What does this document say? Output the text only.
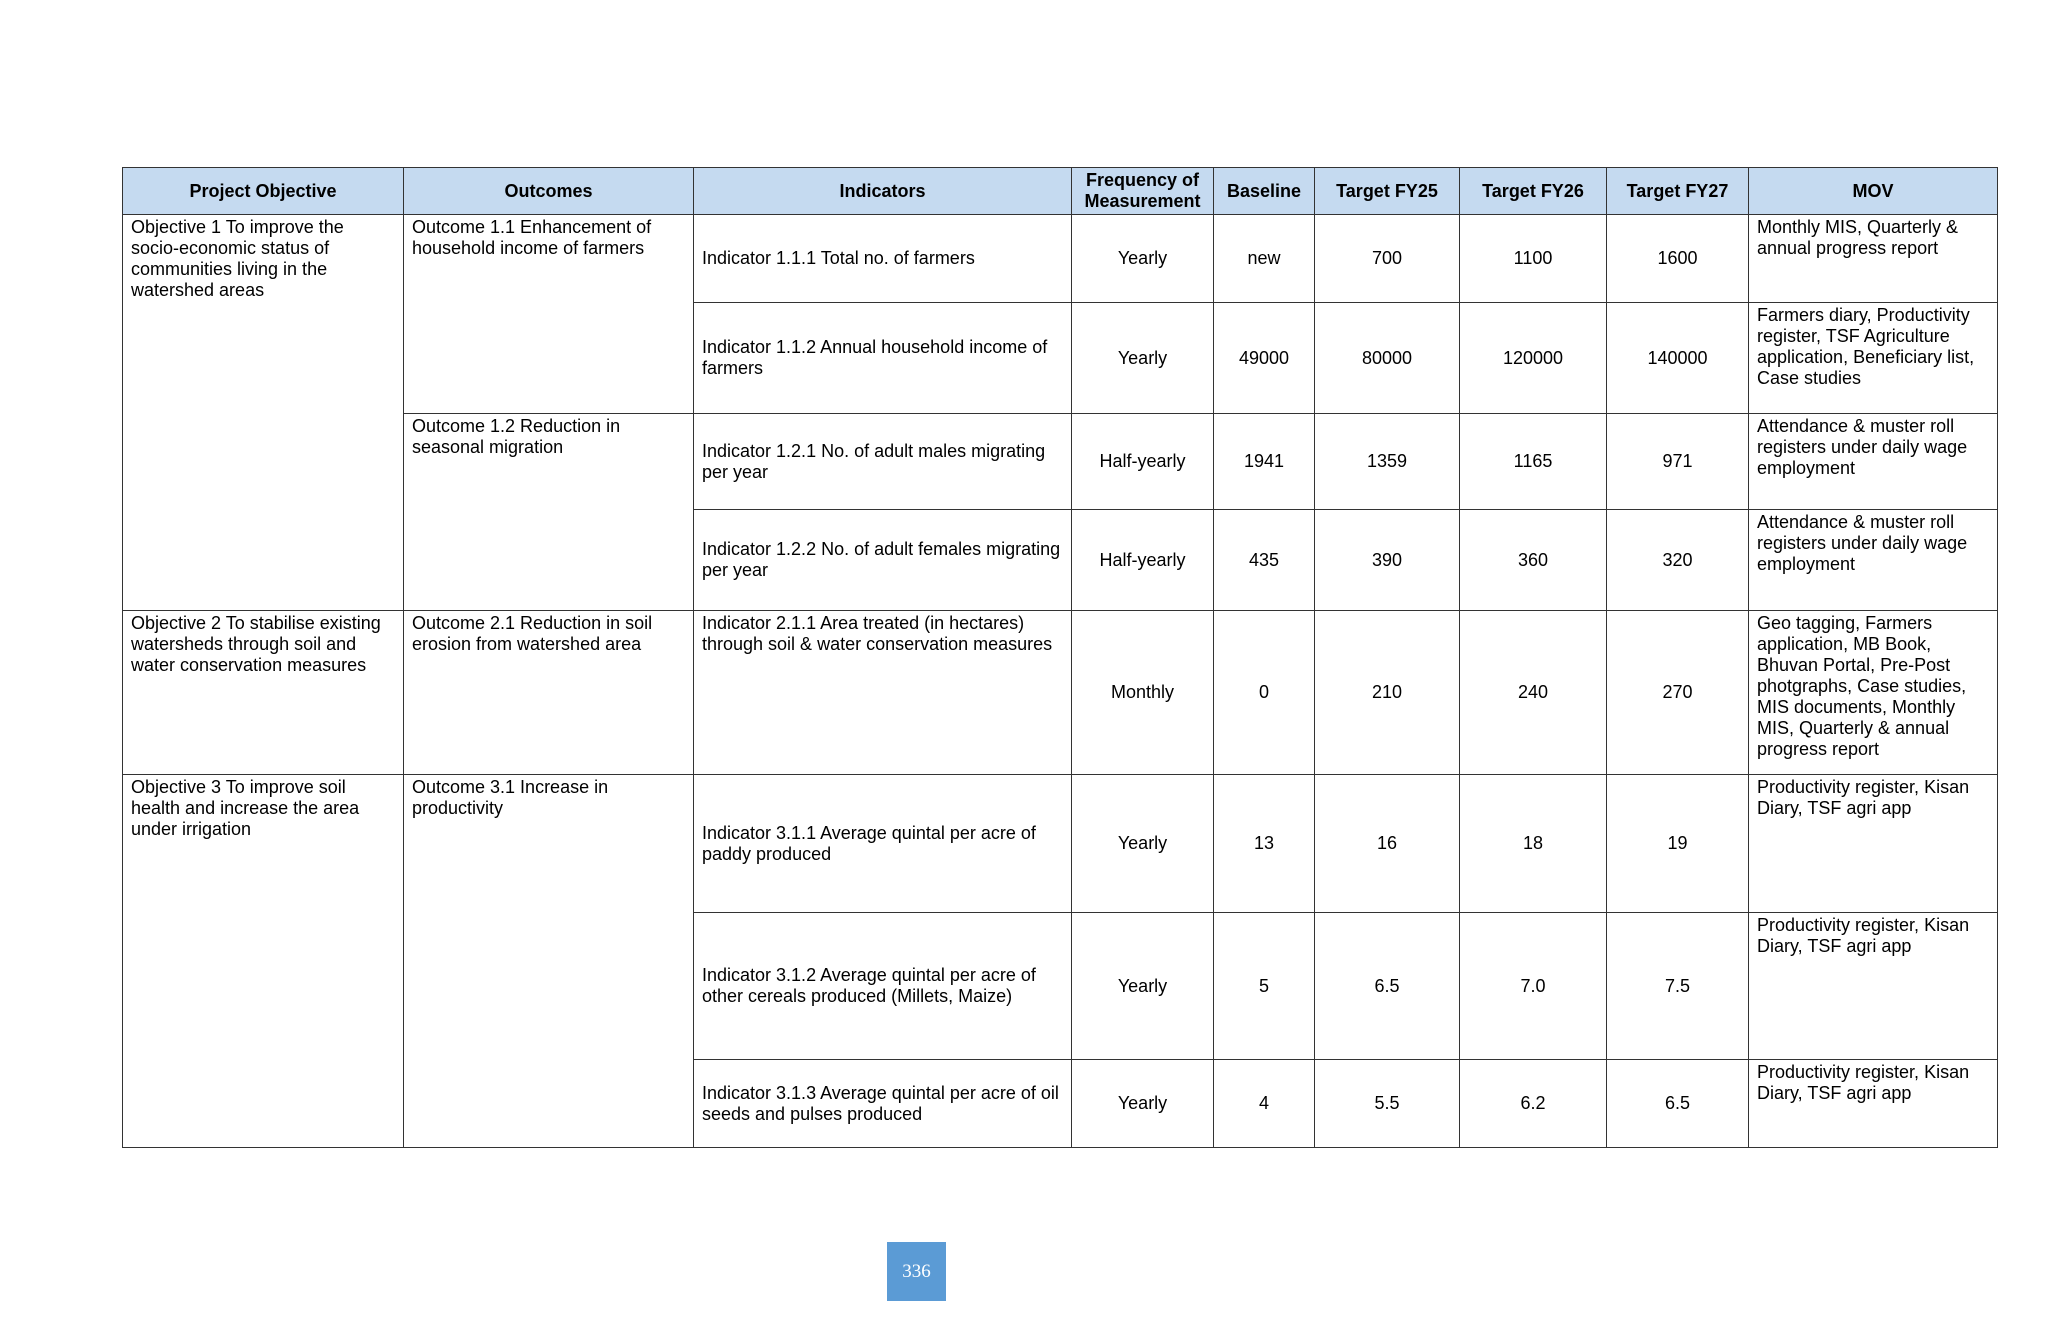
Project Objective	Outcomes	Indicators	Frequency of Measurement	Baseline	Target FY25	Target FY26	Target FY27	MOV
Objective 1 To improve the socio-economic status of communities living in the watershed areas	Outcome 1.1 Enhancement of household income of farmers	Indicator 1.1.1 Total no. of farmers	Yearly	new	700	1100	1600	Monthly MIS, Quarterly & annual progress report
		Indicator 1.1.2 Annual household income of farmers	Yearly	49000	80000	120000	140000	Farmers diary, Productivity register, TSF Agriculture application, Beneficiary list, Case studies
	Outcome 1.2 Reduction in seasonal migration	Indicator 1.2.1 No. of adult males migrating per year	Half-yearly	1941	1359	1165	971	Attendance & muster roll registers under daily wage employment
		Indicator 1.2.2 No. of adult females migrating per year	Half-yearly	435	390	360	320	Attendance & muster roll registers under daily wage employment
Objective 2 To stabilise existing watersheds through soil and water conservation measures	Outcome 2.1 Reduction in soil erosion from watershed area	Indicator 2.1.1 Area treated (in hectares) through soil & water conservation measures	Monthly	0	210	240	270	Geo tagging, Farmers application, MB Book, Bhuvan Portal, Pre-Post photgraphs, Case studies, MIS documents, Monthly MIS, Quarterly & annual progress report
Objective 3 To improve soil health and increase the area under irrigation	Outcome 3.1 Increase in productivity	Indicator 3.1.1 Average quintal per acre of paddy produced	Yearly	13	16	18	19	Productivity register, Kisan Diary, TSF agri app
		Indicator 3.1.2 Average quintal per acre of other cereals produced (Millets, Maize)	Yearly	5	6.5	7.0	7.5	Productivity register, Kisan Diary, TSF agri app
		Indicator 3.1.3 Average quintal per acre of oil seeds and pulses produced	Yearly	4	5.5	6.2	6.5	Productivity register, Kisan Diary, TSF agri app
336
